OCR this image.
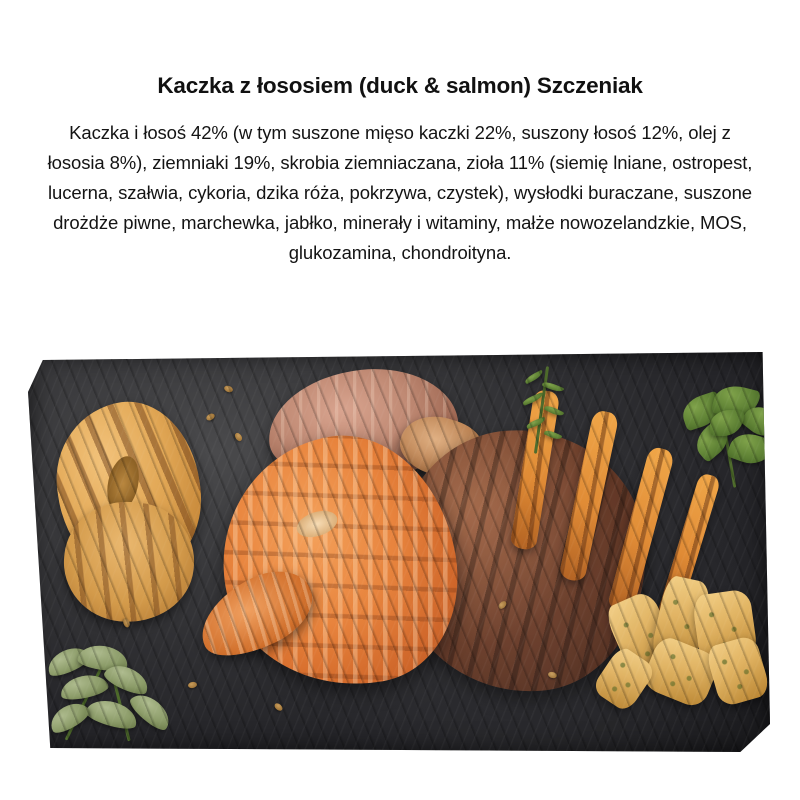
Kaczka z łososiem (duck & salmon) Szczeniak

Kaczka i łosoś 42% (w tym suszone mięso kaczki 22%, suszony łosoś 12%, olej z łososia 8%), ziemniaki 19%, skrobia ziemniaczana, zioła 11% (siemię lniane, ostropest, lucerna, szałwia, cykoria, dzika róża, pokrzywa, czystek), wysłodki buraczane, suszone drożdże piwne, marchewka, jabłko, minerały i witaminy, małże nowozelandzkie, MOS, glukozamina, chondroityna.
